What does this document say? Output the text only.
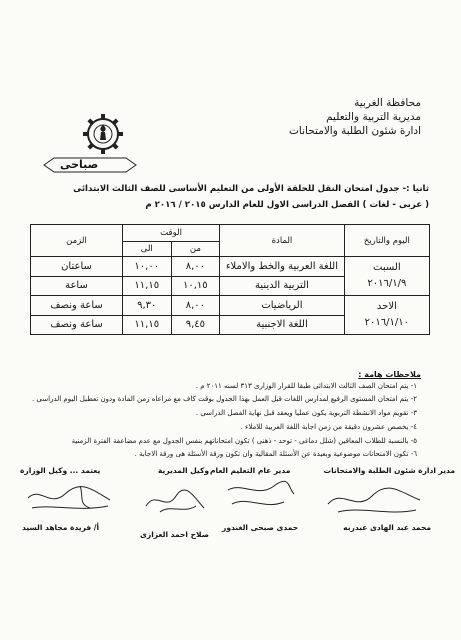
محافظة الغربية
مديرية التربية والتعليم
ادارة شئون الطلبة والامتحانات
صباحى
ثانيا :- جدول امتحان النقل للحلقة الأولى من التعليم الأساسى للصف الثالث الابتدائى
( عربى - لغات ) الفصل الدراسى الاول للعام الدارس ٢٠١٥ / ٢٠١٦ م
اليوم والتاريخ	المادة	الوقت		الزمن
		من	الى	

السبت
٢٠١٦/١/٩	اللغة العربية والخط والاملاء	٨,٠٠	١٠,٠٠	ساعتان
	التربية الدينية	١٠,١٥	١١,١٥	ساعة

الاحد
٢٠١٦/١/١٠	الرياضيات	٨,٠٠	٩,٣٠	ساعة ونصف
	اللغة الاجنبية	٩,٤٥	١١,١٥	ساعة ونصف
ملاحظات هامة :
١- يتم امتحان الصف الثالث الابتدائى طبقا للقرار الوزارى ٣١٣ لسنه ٢٠١١ م .
٢- يتم امتحان المستوى الرفيع لمدارس اللغات قبل العمل بهذا الجدول بوقت كاف مع مراعاه زمن المادة ودون تعطيل اليوم الدراسى .
٣- تقويم مواد الانشطة التربوية يكون عمليا ويعقد قبل نهاية الفصل الدراسى .
٤- يخصص عشرون دقيقة من زمن اجابة اللغة العربية للاملاء .
٥- بالنسبة للطلاب المعاقين (شلل دماغى - توحد - ذهنى ) تكون امتحاناتهم بنفس الجدول مع عدم مضاعفة الفترة الزمنية
٦- تكون الامتحانات موضوعية وبعيدة عن الأسئلة المقالية وان تكون ورقة الأسئلة هى ورقة الاجابة .
مدير ادارة شئون الطلبة والامتحانات
مدير عام التعليم العام
وكيل المديرية
يعتمد ... وكيل الوزارة
أ/ فريدة مجاهد السيد
صلاح احمد العزازى
حمدى صبحى الغندور	محمد عبد الهادى عبدربه
